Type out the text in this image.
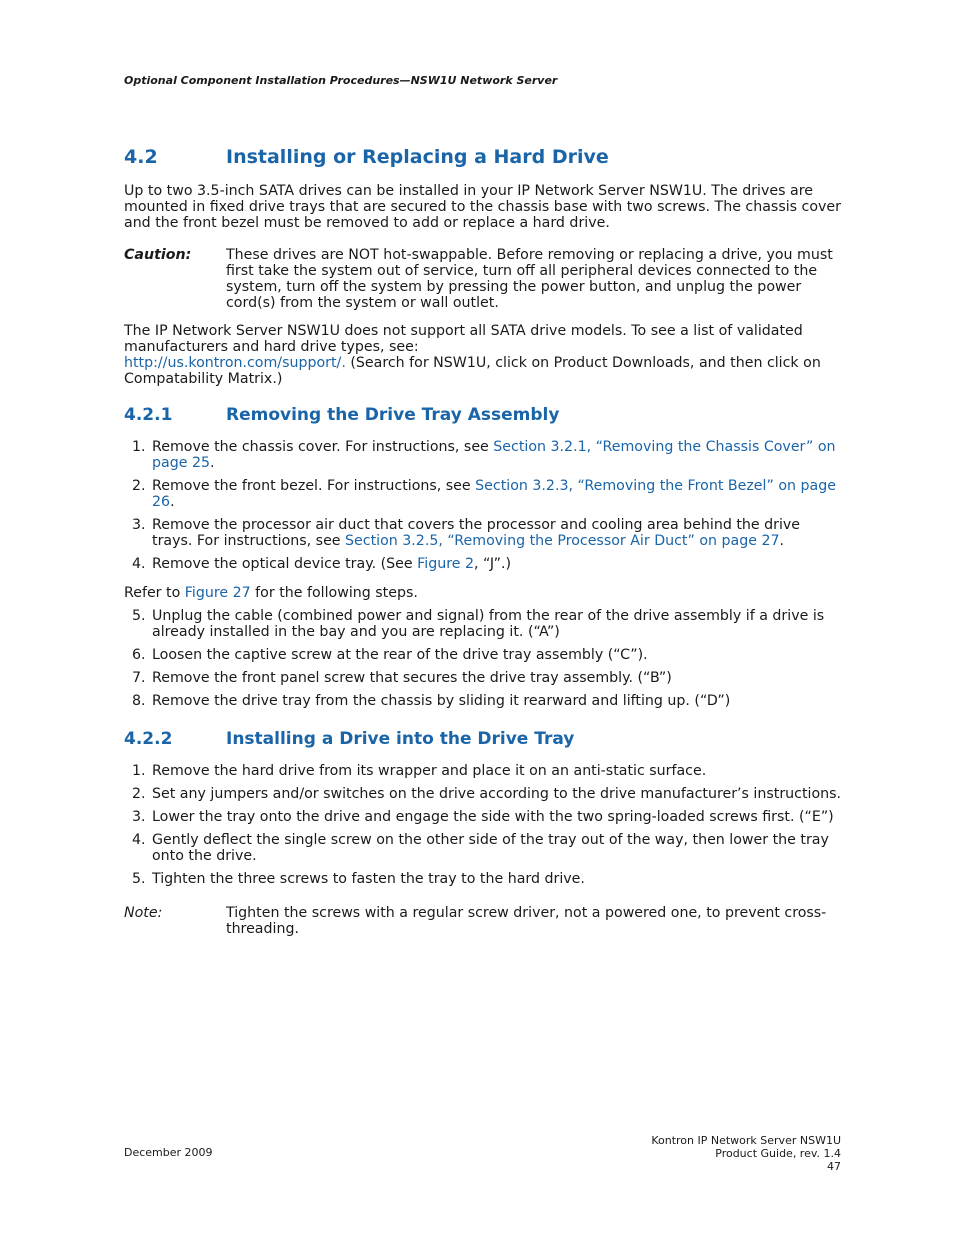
Optional Component Installation Procedures—NSW1U Network Server
4.2	Installing or Replacing a Hard Drive
Up to two 3.5-inch SATA drives can be installed in your IP Network Server NSW1U. The drives are mounted in fixed drive trays that are secured to the chassis base with two screws. The chassis cover and the front bezel must be removed to add or replace a hard drive.
Caution: These drives are NOT hot-swappable. Before removing or replacing a drive, you must first take the system out of service, turn off all peripheral devices connected to the system, turn off the system by pressing the power button, and unplug the power cord(s) from the system or wall outlet.
The IP Network Server NSW1U does not support all SATA drive models. To see a list of validated manufacturers and hard drive types, see:
http://us.kontron.com/support/. (Search for NSW1U, click on Product Downloads, and then click on Compatability Matrix.)
4.2.1	Removing the Drive Tray Assembly
1. Remove the chassis cover. For instructions, see Section 3.2.1, “Removing the Chassis Cover” on page 25.
2. Remove the front bezel. For instructions, see Section 3.2.3, “Removing the Front Bezel” on page 26.
3. Remove the processor air duct that covers the processor and cooling area behind the drive trays. For instructions, see Section 3.2.5, “Removing the Processor Air Duct” on page 27.
4. Remove the optical device tray. (See Figure 2, “J”.)
Refer to Figure 27 for the following steps.
5. Unplug the cable (combined power and signal) from the rear of the drive assembly if a drive is already installed in the bay and you are replacing it. (“A”)
6. Loosen the captive screw at the rear of the drive tray assembly (“C”).
7. Remove the front panel screw that secures the drive tray assembly. (“B”)
8. Remove the drive tray from the chassis by sliding it rearward and lifting up. (“D”)
4.2.2	Installing a Drive into the Drive Tray
1. Remove the hard drive from its wrapper and place it on an anti-static surface.
2. Set any jumpers and/or switches on the drive according to the drive manufacturer’s instructions.
3. Lower the tray onto the drive and engage the side with the two spring-loaded screws first. (“E”)
4. Gently deflect the single screw on the other side of the tray out of the way, then lower the tray onto the drive.
5. Tighten the three screws to fasten the tray to the hard drive.
Note:	Tighten the screws with a regular screw driver, not a powered one, to prevent cross-threading.
December 2009
Kontron IP Network Server NSW1U
Product Guide, rev. 1.4
47
